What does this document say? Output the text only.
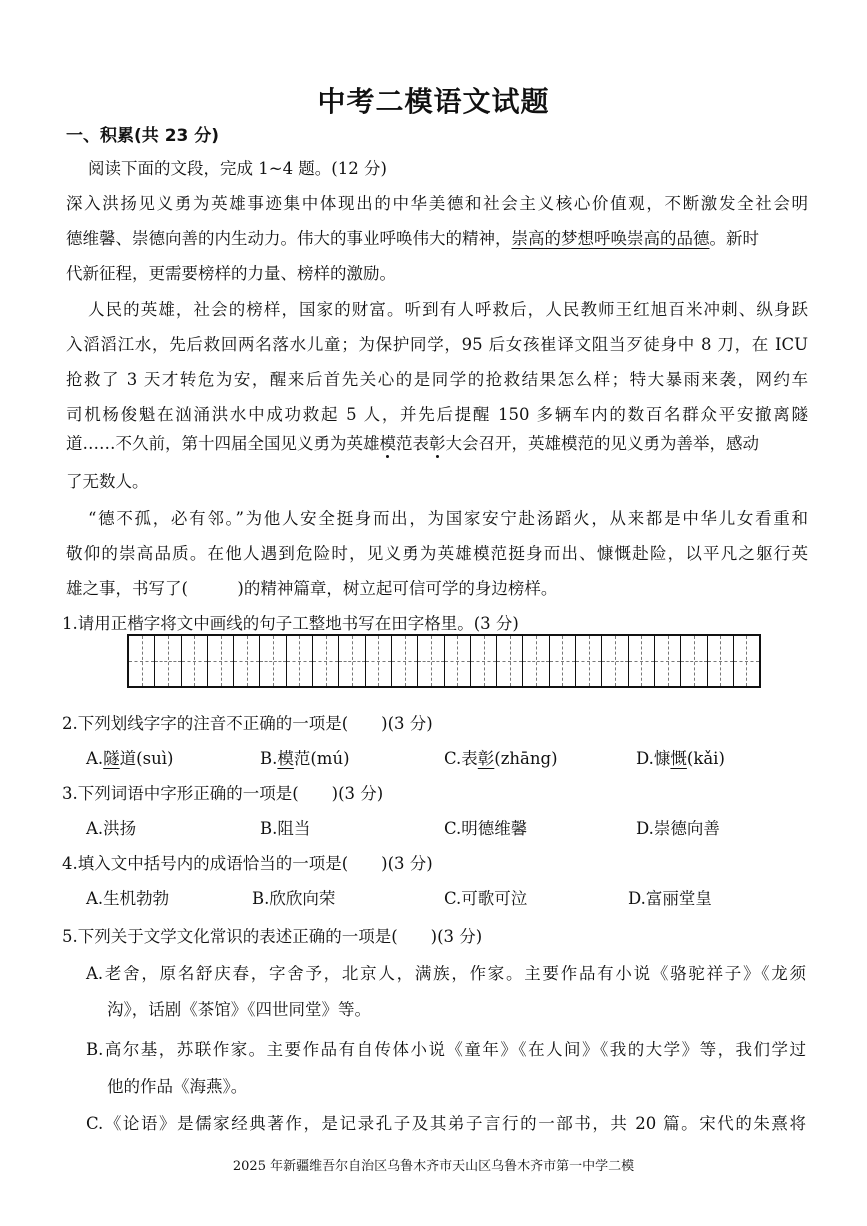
中考二模语文试题
一、积累(共 23 分)
阅读下面的文段，完成 1~4 题。(12 分)
深入洪扬见义勇为英雄事迹集中体现出的中华美德和社会主义核心价值观，不断激发全社会明
德维馨、崇德向善的内生动力。伟大的事业呼唤伟大的精神，崇高的梦想呼唤崇高的品德。新时
代新征程，更需要榜样的力量、榜样的激励。
人民的英雄，社会的榜样，国家的财富。听到有人呼救后，人民教师王红旭百米冲刺、纵身跃
入滔滔江水，先后救回两名落水儿童；为保护同学，95 后女孩崔译文阻当歹徒身中 8 刀，在 ICU
抢救了 3 天才转危为安，醒来后首先关心的是同学的抢救结果怎么样；特大暴雨来袭，网约车
司机杨俊魁在汹涌洪水中成功救起 5 人，并先后提醒 150 多辆车内的数百名群众平安撤离隧
道……不久前，第十四届全国见义勇为英雄模范表彰大会召开，英雄模范的见义勇为善举，感动
了无数人。
“德不孤，必有邻。”为他人安全挺身而出，为国家安宁赴汤蹈火，从来都是中华儿女看重和
敬仰的崇高品质。在他人遇到危险时，见义勇为英雄模范挺身而出、慷慨赴险，以平凡之躯行英
雄之事，书写了(　　　)的精神篇章，树立起可信可学的身边榜样。
1.请用正楷字将文中画线的句子工整地书写在田字格里。(3 分)
2.下列划线字字的注音不正确的一项是(　　)(3 分)
A.隧道(suì)	B.模范(mú)	C.表彰(zhāng)	D.慷慨(kǎi)
3.下列词语中字形正确的一项是(　　)(3 分)
A.洪扬	B.阻当	C.明德维馨	D.崇德向善
4.填入文中括号内的成语恰当的一项是(　　)(3 分)
A.生机勃勃	B.欣欣向荣	C.可歌可泣	D.富丽堂皇
5.下列关于文学文化常识的表述正确的一项是(　　)(3 分)
A.老舍，原名舒庆春，字舍予，北京人，满族，作家。主要作品有小说《骆驼祥子》《龙须
沟》，话剧《茶馆》《四世同堂》等。
B.高尔基，苏联作家。主要作品有自传体小说《童年》《在人间》《我的大学》等，我们学过
他的作品《海燕》。
C.《论语》是儒家经典著作，是记录孔子及其弟子言行的一部书，共 20 篇。宋代的朱熹将
2025 年新疆维吾尔自治区乌鲁木齐市天山区乌鲁木齐市第一中学二模
